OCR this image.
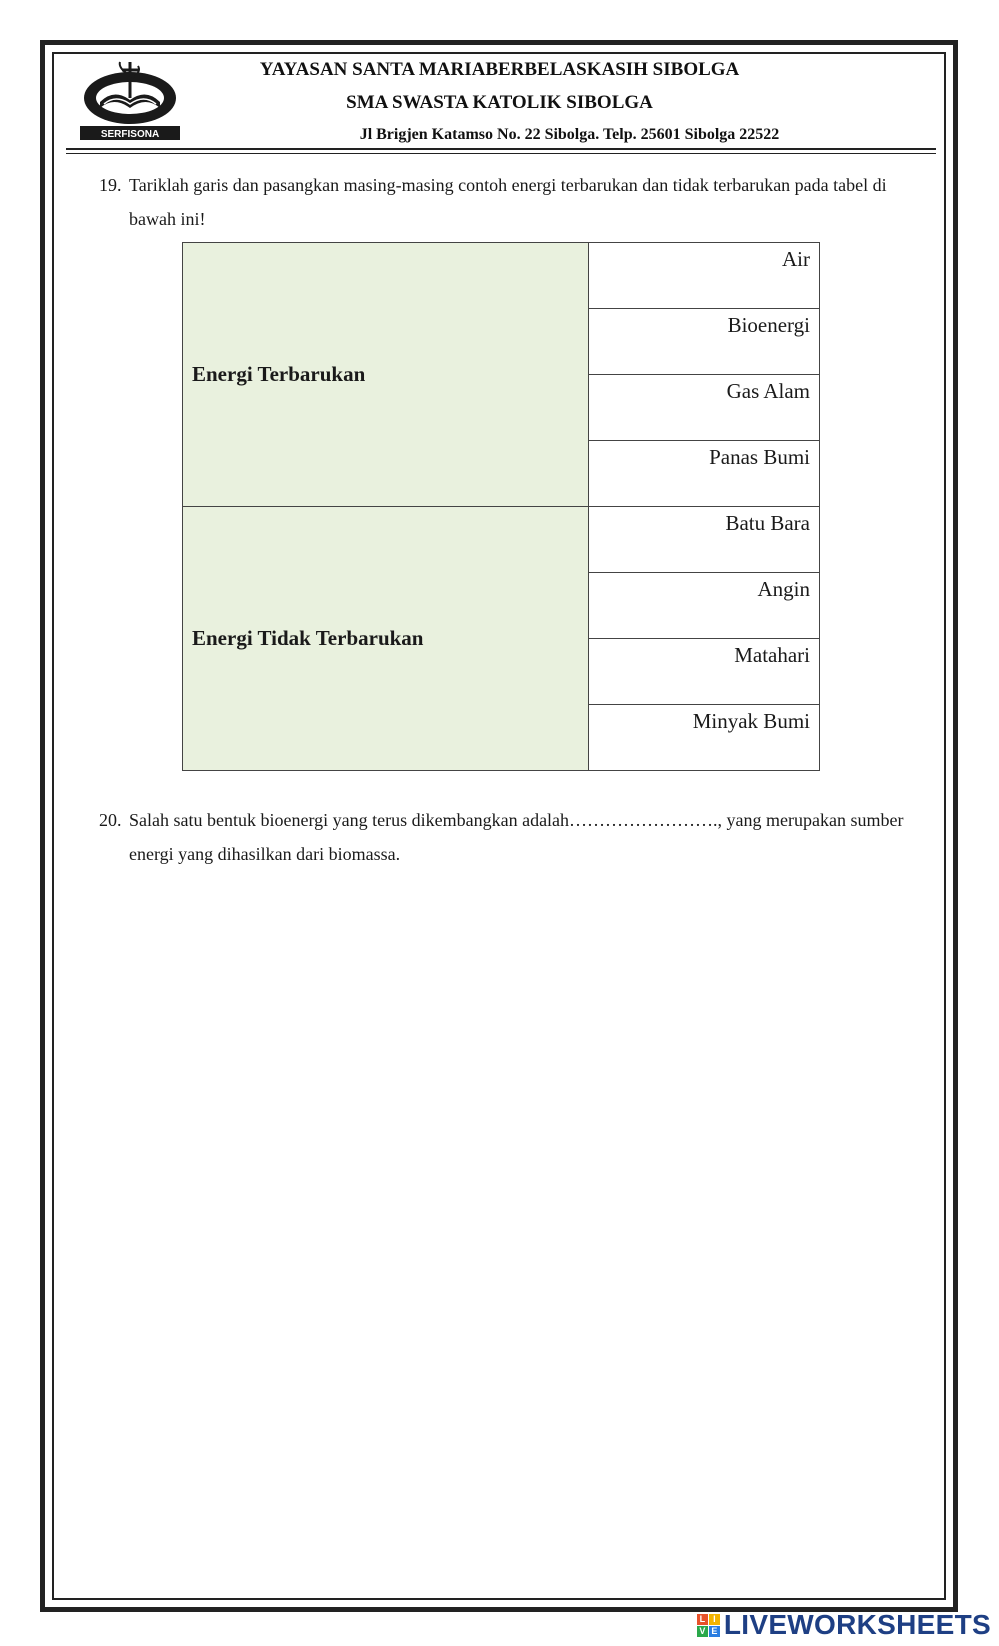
SERFISONA
YAYASAN SANTA MARIABERBELASKASIH SIBOLGA
SMA SWASTA KATOLIK SIBOLGA
Jl Brigjen Katamso No. 22 Sibolga. Telp. 25601 Sibolga 22522
19. Tariklah garis dan pasangkan masing-masing contoh energi terbarukan dan tidak terbarukan pada tabel di bawah ini!
Energi Terbarukan	Air
	Bioenergi
	Gas Alam
	Panas Bumi
Energi Tidak Terbarukan	Batu Bara
	Angin
	Matahari
	Minyak Bumi
20. Salah satu bentuk bioenergi yang terus dikembangkan adalah……………………., yang merupakan sumber energi yang dihasilkan dari biomassa.
L I
V E LIVEWORKSHEETS
